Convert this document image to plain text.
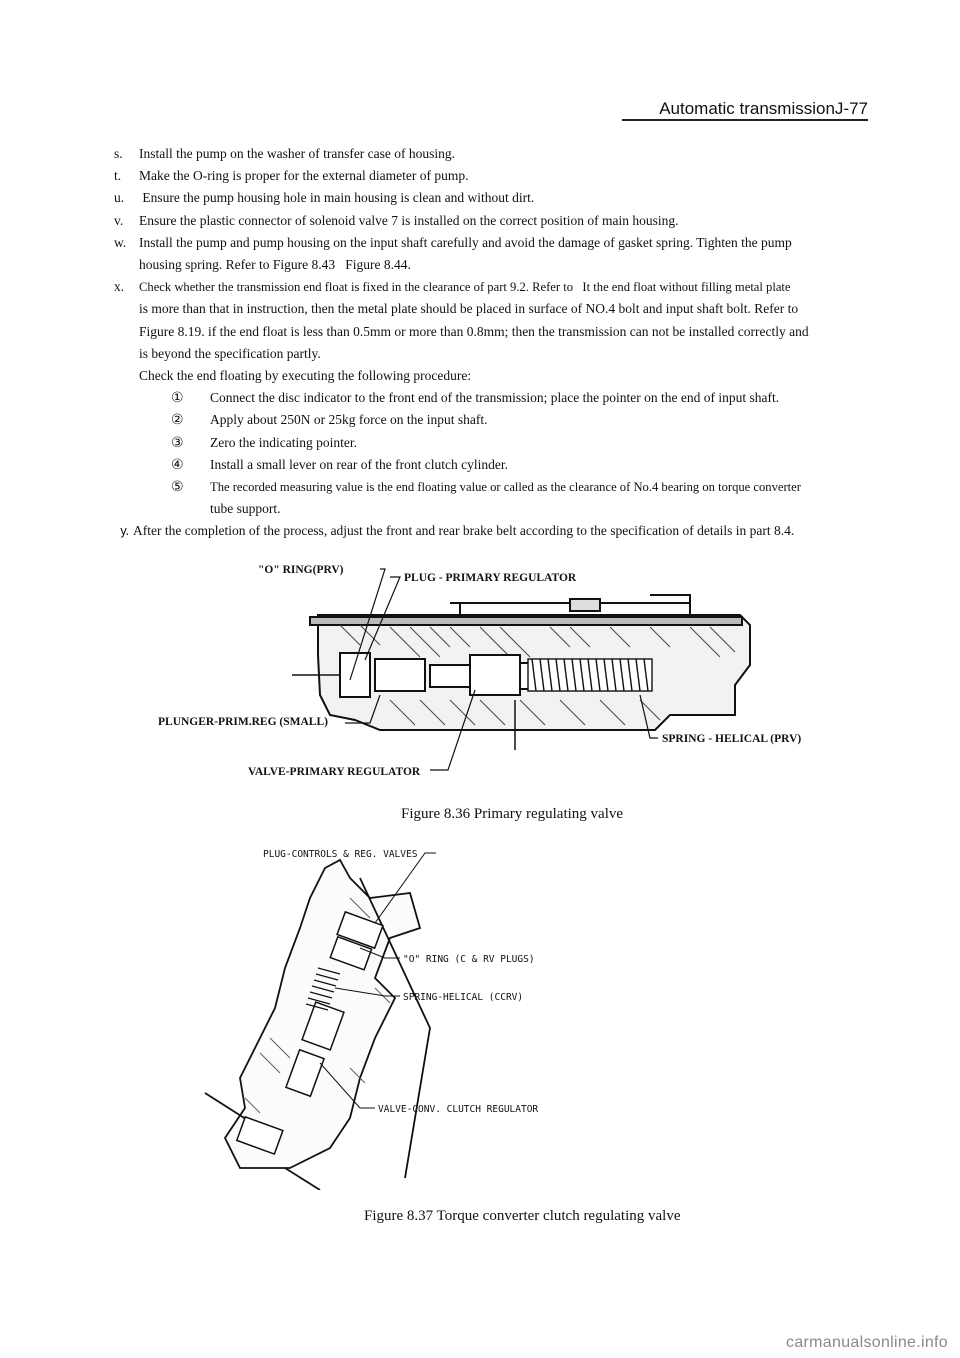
Automatic transmissionJ-77
s.	Install the pump on the washer of transfer case of housing.
t.	Make the O-ring is proper for the external diameter of pump.
u.	Ensure the pump housing hole in main housing is clean and without dirt.
v.	Ensure the plastic connector of solenoid valve 7 is installed on the correct position of main housing.
w. Install the pump and pump housing on the input shaft carefully and avoid the damage of gasket spring. Tighten the pump
housing spring. Refer to Figure 8.43   Figure 8.44.
x.	Check whether the transmission end float is fixed in the clearance of part 9.2. Refer to   It the end float without filling metal plate
is more than that in instruction, then the metal plate should be placed in surface of NO.4 bolt and input shaft bolt. Refer to
Figure 8.19. if the end float is less than 0.5mm or more than 0.8mm; then the transmission can not be installed correctly and
is beyond the specification partly.
Check the end floating by executing the following procedure:
①	Connect the disc indicator to the front end of the transmission; place the pointer on the end of input shaft.
②	Apply about 250N or 25kg force on the input shaft.
③	Zero the indicating pointer.
④	Install a small lever on rear of the front clutch cylinder.
⑤	The recorded measuring value is the end floating value or called as the clearance of No.4 bearing on torque converter
tube support.
y. After the completion of the process, adjust the front and rear brake belt according to the specification of details in part 8.4.
"O" RING(PRV)
PLUG - PRIMARY REGULATOR
PLUNGER-PRIM.REG (SMALL)
SPRING - HELICAL (PRV)
VALVE-PRIMARY REGULATOR
Figure 8.36 Primary regulating valve
PLUG-CONTROLS & REG. VALVES
"O" RING (C & RV PLUGS)
SPRING-HELICAL (CCRV)
VALVE-CONV. CLUTCH REGULATOR
Figure 8.37 Torque converter clutch regulating valve
carmanualsonline.info
